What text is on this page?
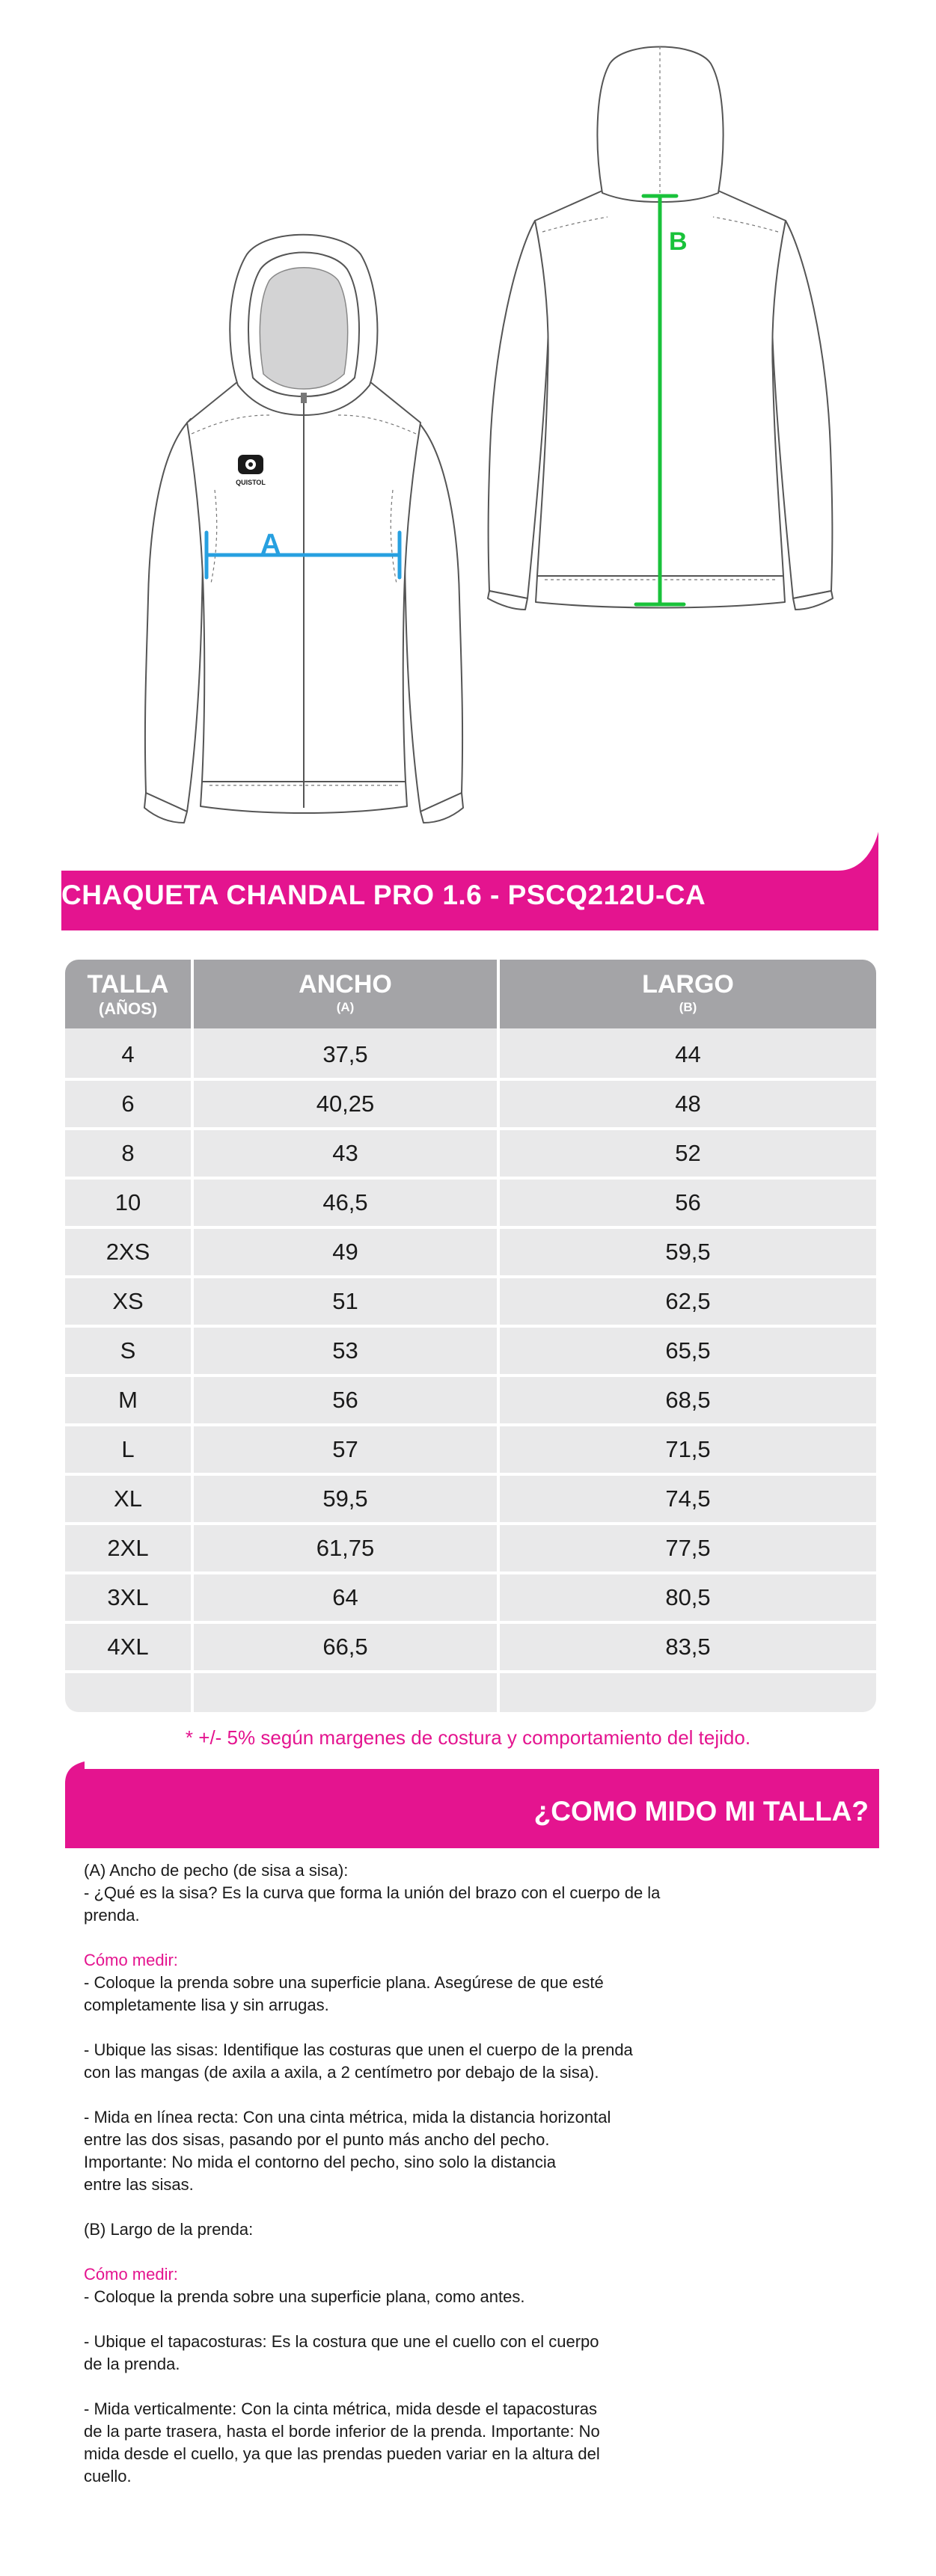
QUISTOL
A
B
CHAQUETA CHANDAL PRO 1.6 - PSCQ212U-CA
TALLA
(AÑOS)
ANCHO
(A)
LARGO
(B)
4	37,5	44
6	40,25	48
8	43	52
10	46,5	56
2XS	49	59,5
XS	51	62,5
S	53	65,5
M	56	68,5
L	57	71,5
XL	59,5	74,5
2XL	61,75	77,5
3XL	64	80,5
4XL	66,5	83,5
* +/- 5% según margenes de costura y comportamiento del tejido.
¿COMO MIDO MI TALLA?

(A) Ancho de pecho (de sisa a sisa):

- ¿Qué es la sisa? Es la curva que forma la unión del brazo con el cuerpo de la

prenda.

Cómo medir:

- Coloque la prenda sobre una superficie plana. Asegúrese de que esté

completamente lisa y sin arrugas.

- Ubique las sisas: Identifique las costuras que unen el cuerpo de la prenda

con las mangas (de axila a axila, a 2 centímetro por debajo de la sisa).

- Mida en línea recta: Con una cinta métrica, mida la distancia horizontal

entre las dos sisas, pasando por el punto más ancho del pecho.

Importante: No mida el contorno del pecho, sino solo la distancia

entre las sisas.

(B) Largo de la prenda:

Cómo medir:

- Coloque la prenda sobre una superficie plana, como antes.

- Ubique el tapacosturas: Es la costura que une el cuello con el cuerpo

de la prenda.

- Mida verticalmente: Con la cinta métrica, mida desde el tapacosturas

de la parte trasera, hasta el borde inferior de la prenda. Importante: No

mida desde el cuello, ya que las prendas pueden variar en la altura del

cuello.
